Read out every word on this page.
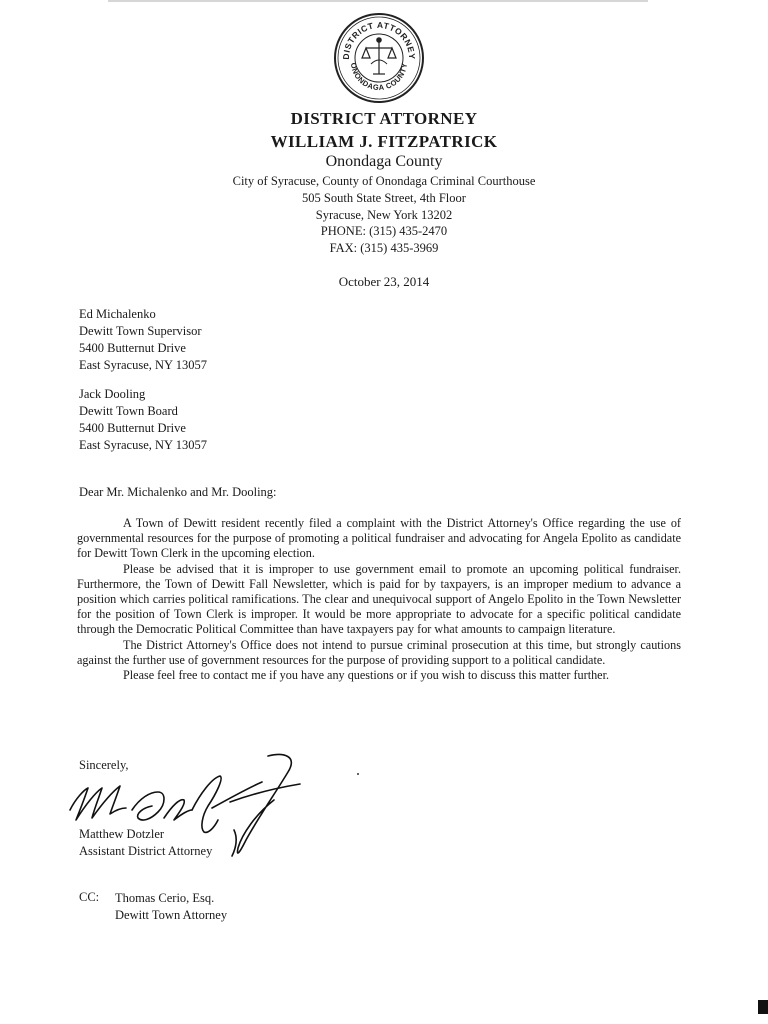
DISTRICT ATTORNEY
ONONDAGA COUNTY
DISTRICT ATTORNEY
WILLIAM J. FITZPATRICK
Onondaga County
City of Syracuse, County of Onondaga Criminal Courthouse
505 South State Street, 4th Floor
Syracuse, New York 13202
PHONE: (315) 435-2470
FAX: (315) 435-3969
October 23, 2014
Ed Michalenko
Dewitt Town Supervisor
5400 Butternut Drive
East Syracuse, NY 13057
Jack Dooling
Dewitt Town Board
5400 Butternut Drive
East Syracuse, NY 13057
Dear Mr. Michalenko and Mr. Dooling:

A Town of Dewitt resident recently filed a complaint with the District Attorney's Office regarding the use of governmental resources for the purpose of promoting a political fundraiser and advocating for Angela Epolito as candidate for Dewitt Town Clerk in the upcoming election.

Please be advised that it is improper to use government email to promote an upcoming political fundraiser. Furthermore, the Town of Dewitt Fall Newsletter, which is paid for by taxpayers, is an improper medium to advance a position which carries political ramifications. The clear and unequivocal support of Angelo Epolito in the Town Newsletter for the position of Town Clerk is improper. It would be more appropriate to advocate for a specific political candidate through the Democratic Political Committee than have taxpayers pay for what amounts to campaign literature.

The District Attorney's Office does not intend to pursue criminal prosecution at this time, but strongly cautions against the further use of government resources for the purpose of providing support to a political candidate.

Please feel free to contact me if you have any questions or if you wish to discuss this matter further.

Sincerely,
Matthew Dotzler
Assistant District Attorney
CC: Thomas Cerio, Esq.
Dewitt Town Attorney
